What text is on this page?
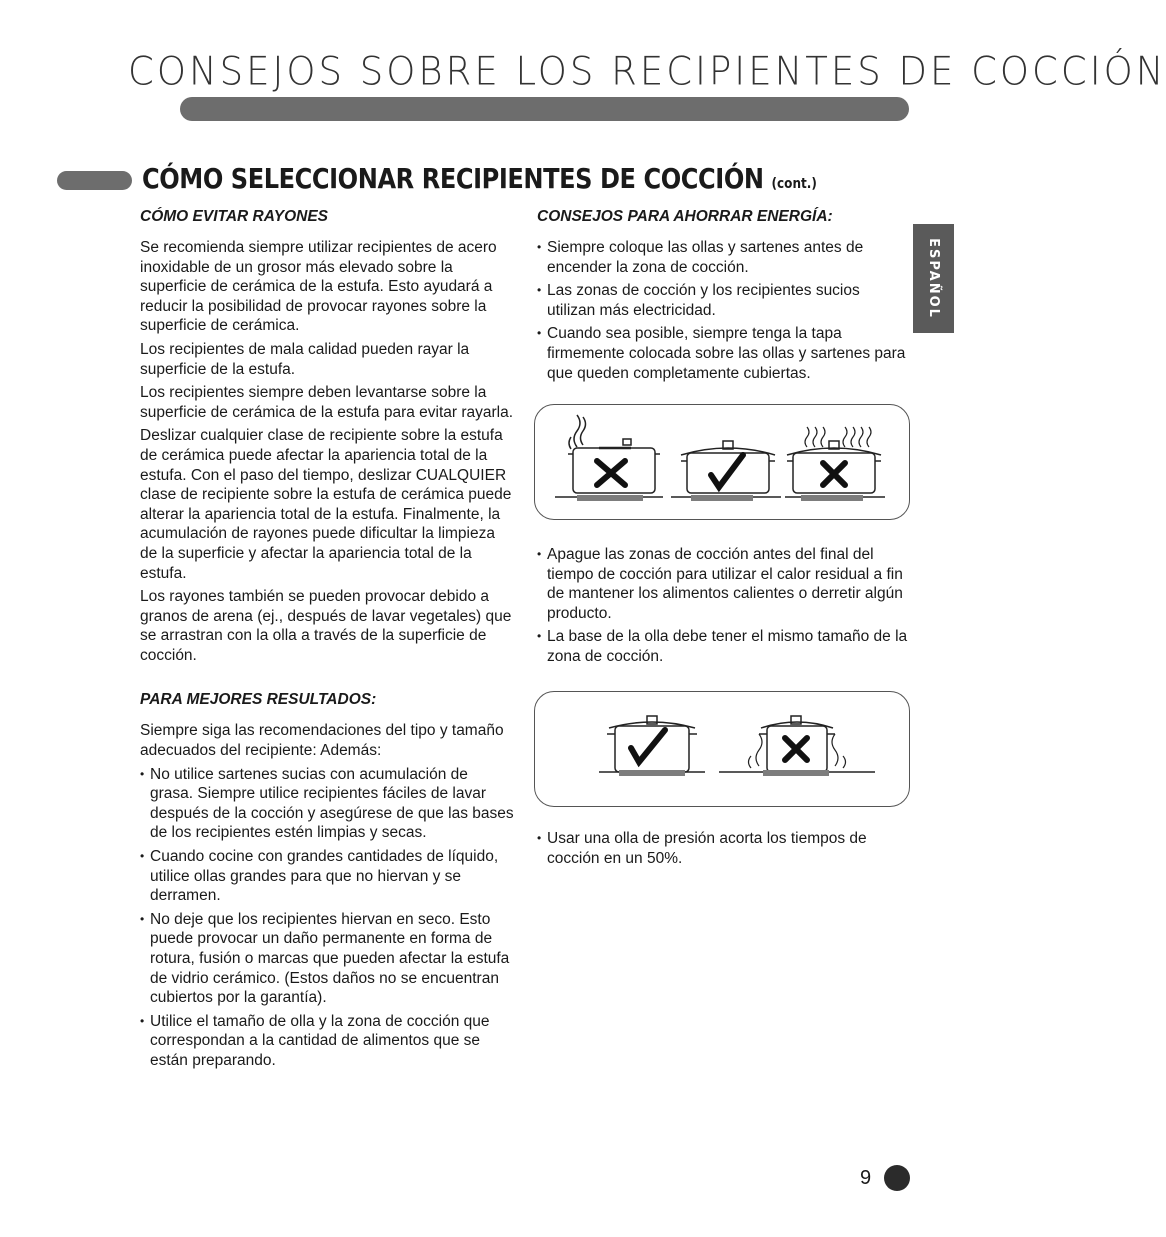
CONSEJOS SOBRE LOS RECIPIENTES DE COCCIÓN
CÓMO SELECCIONAR RECIPIENTES DE COCCIÓN (cont.)
ESPAÑOL
CÓMO EVITAR RAYONES

Se recomienda siempre utilizar recipientes de acero inoxidable de un grosor más elevado sobre la superficie de cerámica de la estufa. Esto ayudará a reducir la posibilidad de provocar rayones sobre la superficie de cerámica.

Los recipientes de mala calidad pueden rayar la superficie de la estufa.

Los recipientes siempre deben levantarse sobre la superficie de cerámica de la estufa para evitar rayarla.

Deslizar cualquier clase de recipiente sobre la estufa de cerámica puede afectar la apariencia total de la estufa. Con el paso del tiempo, deslizar CUALQUIER clase de recipiente sobre la estufa de cerámica puede alterar la apariencia total de la estufa. Finalmente, la acumulación de rayones puede dificultar la limpieza de la superficie y afectar la apariencia total de la estufa.

Los rayones también se pueden provocar debido a granos de arena (ej., después de lavar vegetales) que se arrastran con la olla a través de la superficie de cocción.

PARA MEJORES RESULTADOS:

Siempre siga las recomendaciones del tipo y tamaño adecuados del recipiente: Además:

• No utilice sartenes sucias con acumulación de grasa. Siempre utilice recipientes fáciles de lavar después de la cocción y asegúrese de que las bases de los recipientes estén limpias y secas.
• Cuando cocine con grandes cantidades de líquido, utilice ollas grandes para que no hiervan y se derramen.
• No deje que los recipientes hiervan en seco. Esto puede provocar un daño permanente en forma de rotura, fusión o marcas que pueden afectar la estufa de vidrio cerámico. (Estos daños no se encuentran cubiertos por la garantía).
• Utilice el tamaño de olla y la zona de cocción que correspondan a la cantidad de alimentos que se están preparando.
CONSEJOS PARA AHORRAR ENERGÍA:
• Siempre coloque las ollas y sartenes antes de encender la zona de cocción.
• Las zonas de cocción y los recipientes sucios utilizan más electricidad.
• Cuando sea posible, siempre tenga la tapa firmemente colocada sobre las ollas y sartenes para que queden completamente cubiertas.
• Apague las zonas de cocción antes del final del tiempo de cocción para utilizar el calor residual a fin de mantener los alimentos calientes o derretir algún producto.
• La base de la olla debe tener el mismo tamaño de la zona de cocción.
• Usar una olla de presión acorta los tiempos de cocción en un 50%.
9
